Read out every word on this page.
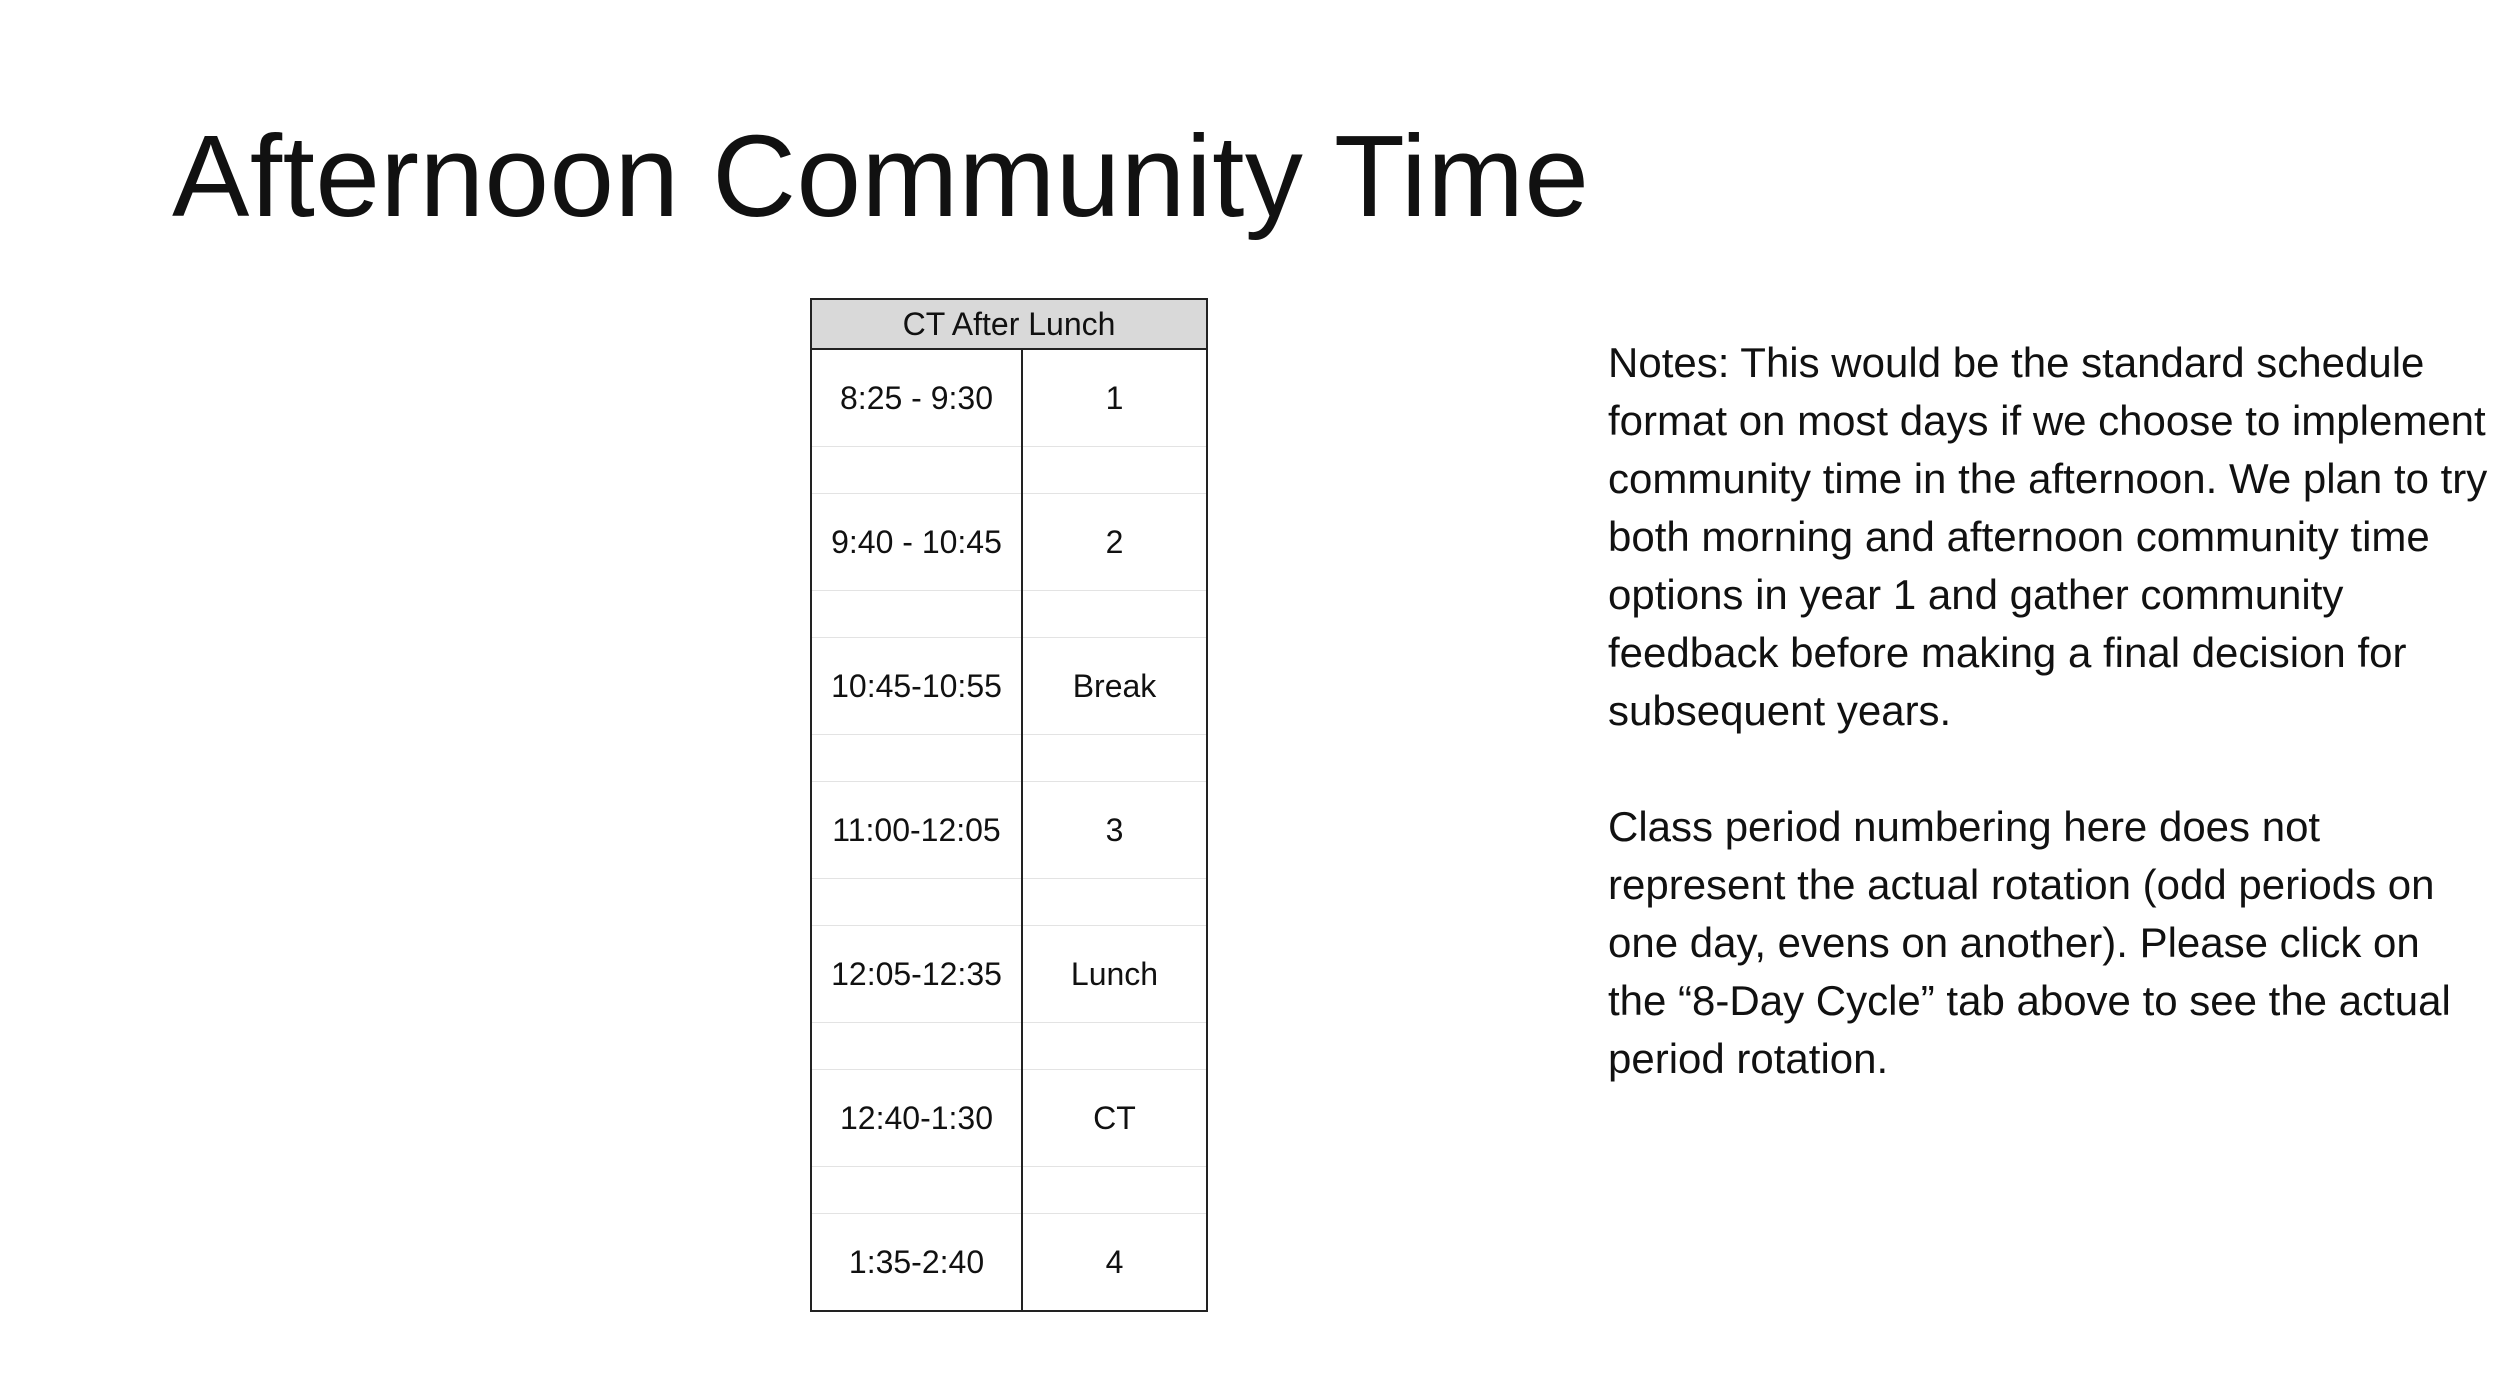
Afternoon Community Time
CT After Lunch	
8:25 - 9:30	1

9:40 - 10:45	2

10:45-10:55	Break

11:00-12:05	3

12:05-12:35	Lunch

12:40-1:30	CT

1:35-2:40	4

Notes: This would be the standard schedule format on most days if we choose to implement community time in the afternoon. We plan to try both morning and afternoon community time options in year 1 and gather community feedback before making a final decision for subsequent years.

Class period numbering here does not represent the actual rotation (odd periods on one day, evens on another). Please click on the “8-Day Cycle” tab above to see the actual period rotation.
